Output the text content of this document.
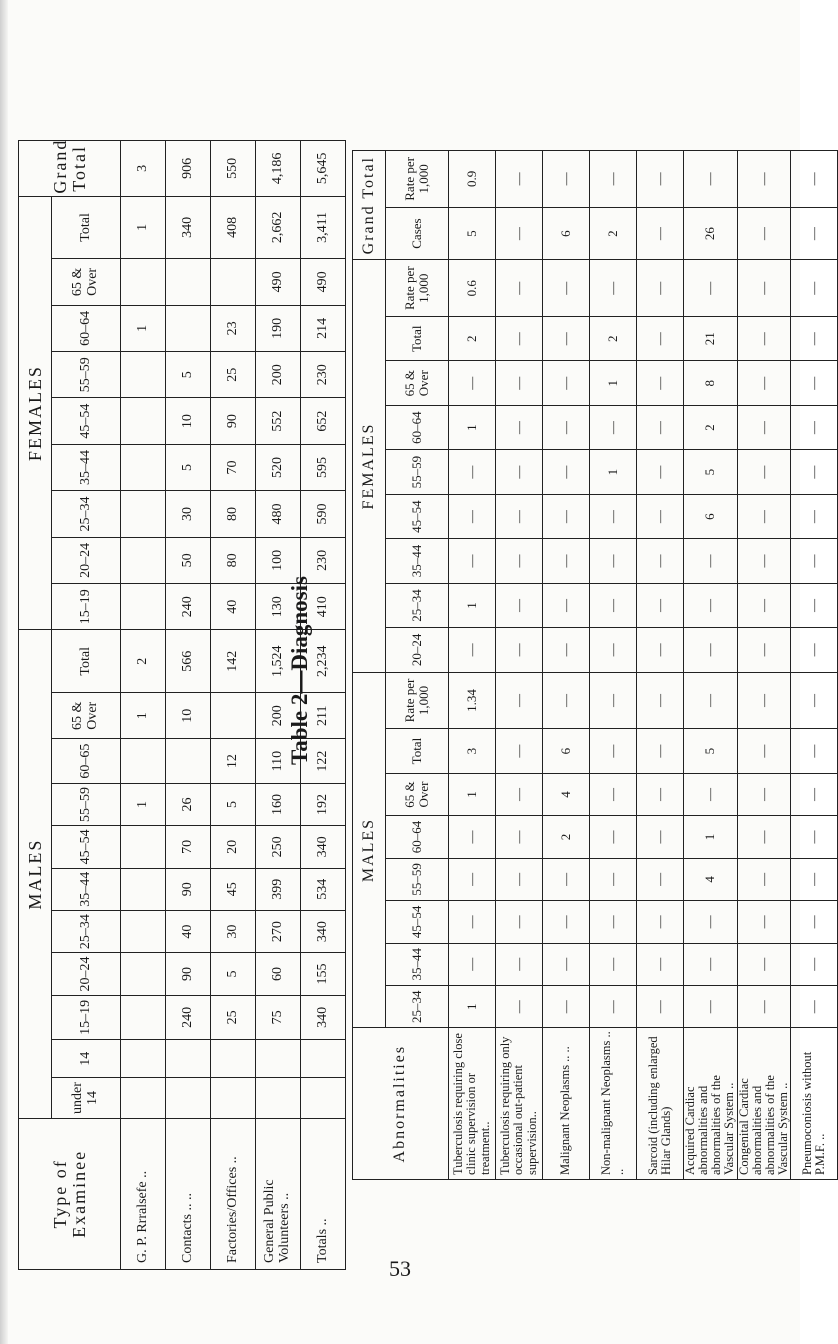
Type of Examinee	MALES											FEMALES									Grand Total
	under 14	14	15–19	20–24	25–34	35–44	45–54	55–59	60–65	65 & Over	Total	15–19	20–24	25–34	35–44	45–54	55–59	60–64	65 & Over	Total	
G. P. Rrralsefe ..								1		1	2							1		1	3
Contacts .. ..			240	90	40	90	70	26		10	566	240	50	30	5	10	5			340	906
Factories/Offices ..			25	5	30	45	20	5	12		142	40	80	80	70	90	25	23		408	550
General Public Volunteers ..			75	60	270	399	250	160	110	200	1,524	130	100	480	520	552	200	190	490	2,662	4,186
Totals ..			340	155	340	534	340	192	122	211	2,234	410	230	590	595	652	230	214	490	3,411	5,645
Table 2—Diagnosis
Abnormalities	MALES								FEMALES									Grand Total	
	25–34	35–44	45–54	55–59	60–64	65 & Over	Total	Rate per 1,000	20–24	25–34	35–44	45–54	55–59	60–64	65 & Over	Total	Rate per 1,000	Cases	Rate per 1,000
Tuberculosis requiring close clinic supervision or treatment..	1	—	—	—	—	1	3	1.34	—	1	—	—	—	1	—	2	0.6	5	0.9
Tuberculosis requiring only occasional out-patient supervision..	—	—	—	—	—	—	—	—	—	—	—	—	—	—	—	—	—	—	—
Malignant Neoplasms .. ..	—	—	—	—	2	4	6	—	—	—	—	—	—	—	—	—	—	6	—
Non-malignant Neoplasms .. ..	—	—	—	—	—	—	—	—	—	—	—	—	1	—	1	2	—	2	—
Sarcoid (including enlarged Hilar Glands)	—	—	—	—	—	—	—	—	—	—	—	—	—	—	—	—	—	—	—
Acquired Cardiac abnormalities and abnormalities of the Vascular System ..	—	—	—	4	1	—	5	—	—	—	—	6	5	2	8	21	—	26	—
Congenital Cardiac abnormalities and abnormalities of the Vascular System ..	—	—	—	—	—	—	—	—	—	—	—	—	—	—	—	—	—	—	—
Pneumoconiosis without P.M.F. ..	—	—	—	—	—	—	—	—	—	—	—	—	—	—	—	—	—	—	—
53
